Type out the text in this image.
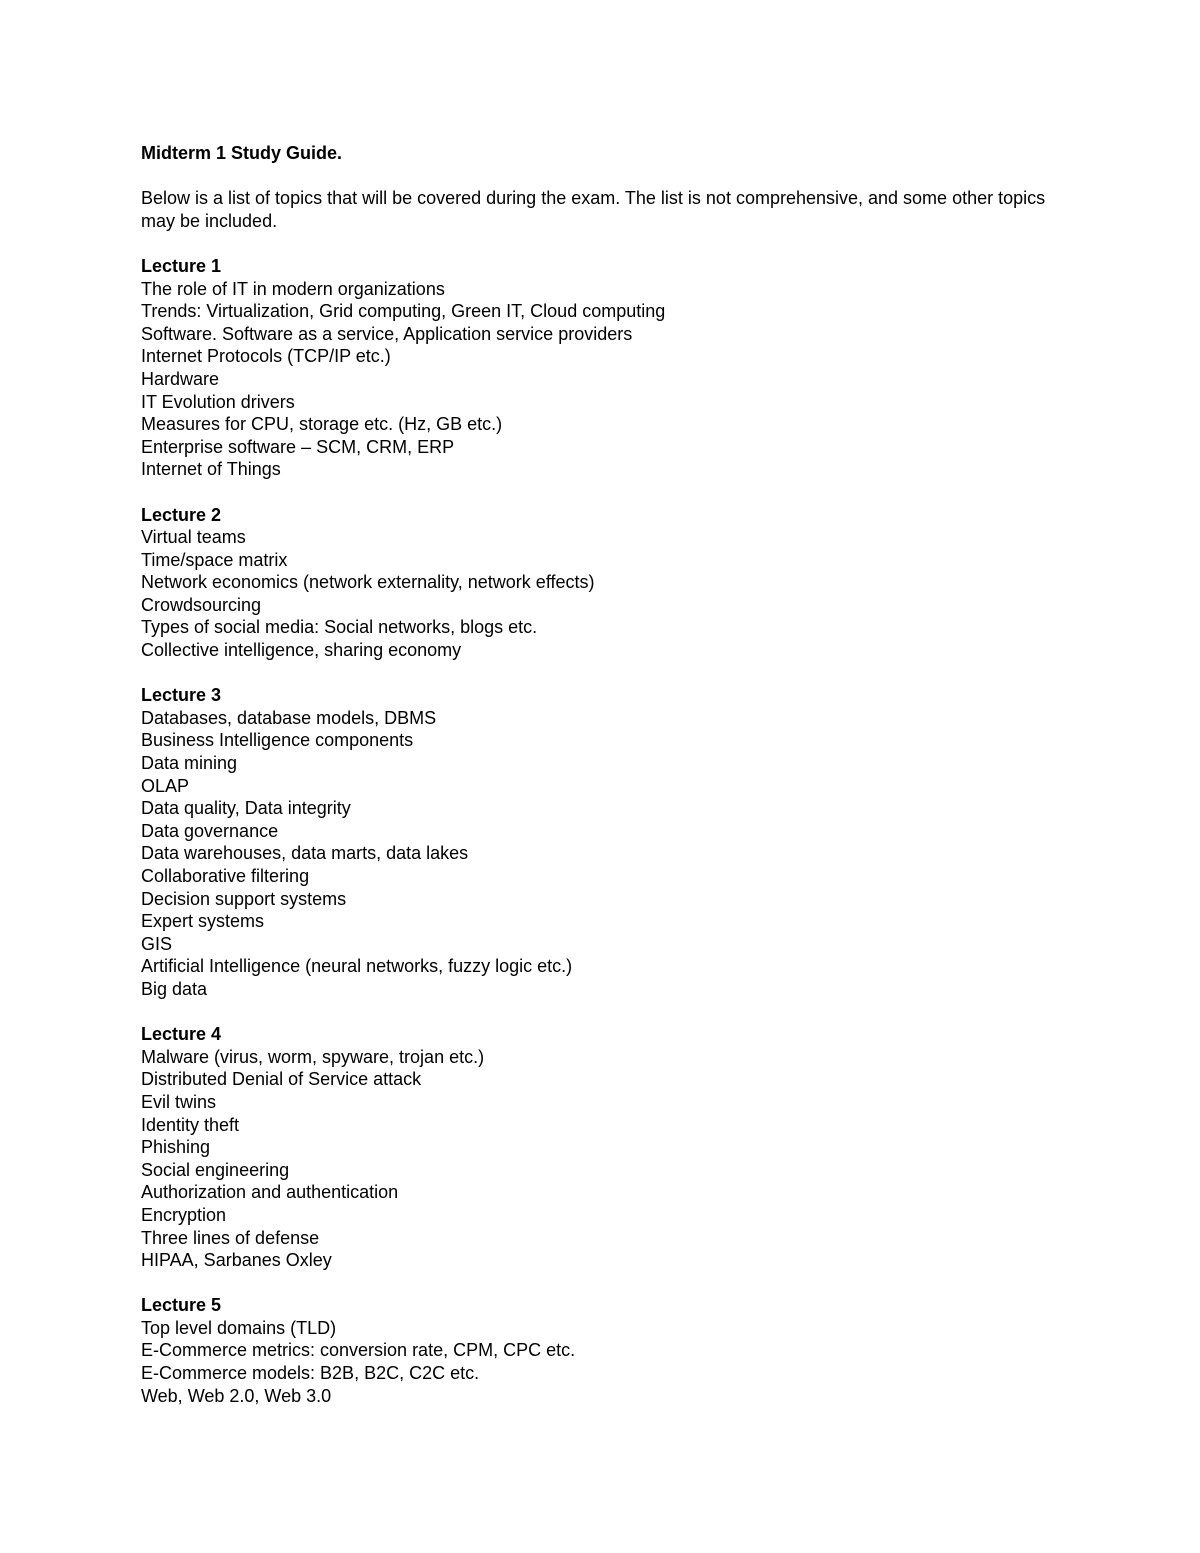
Midterm 1 Study Guide.

Below is a list of topics that will be covered during the exam. The list is not comprehensive, and some other topics may be included.

Lecture 1
The role of IT in modern organizations
Trends: Virtualization, Grid computing, Green IT, Cloud computing
Software. Software as a service, Application service providers
Internet Protocols (TCP/IP etc.)
Hardware
IT Evolution drivers
Measures for CPU, storage etc. (Hz, GB etc.)
Enterprise software – SCM, CRM, ERP
Internet of Things
Lecture 2
Virtual teams
Time/space matrix
Network economics (network externality, network effects)
Crowdsourcing
Types of social media: Social networks, blogs etc.
Collective intelligence, sharing economy
Lecture 3
Databases, database models, DBMS
Business Intelligence components
Data mining
OLAP
Data quality, Data integrity
Data governance
Data warehouses, data marts, data lakes
Collaborative filtering
Decision support systems
Expert systems
GIS
Artificial Intelligence (neural networks, fuzzy logic etc.)
Big data
Lecture 4
Malware (virus, worm, spyware, trojan etc.)
Distributed Denial of Service attack
Evil twins
Identity theft
Phishing
Social engineering
Authorization and authentication
Encryption
Three lines of defense
HIPAA, Sarbanes Oxley
Lecture 5
Top level domains (TLD)
E-Commerce metrics: conversion rate, CPM, CPC etc.
E-Commerce models: B2B, B2C, C2C etc.
Web, Web 2.0, Web 3.0
